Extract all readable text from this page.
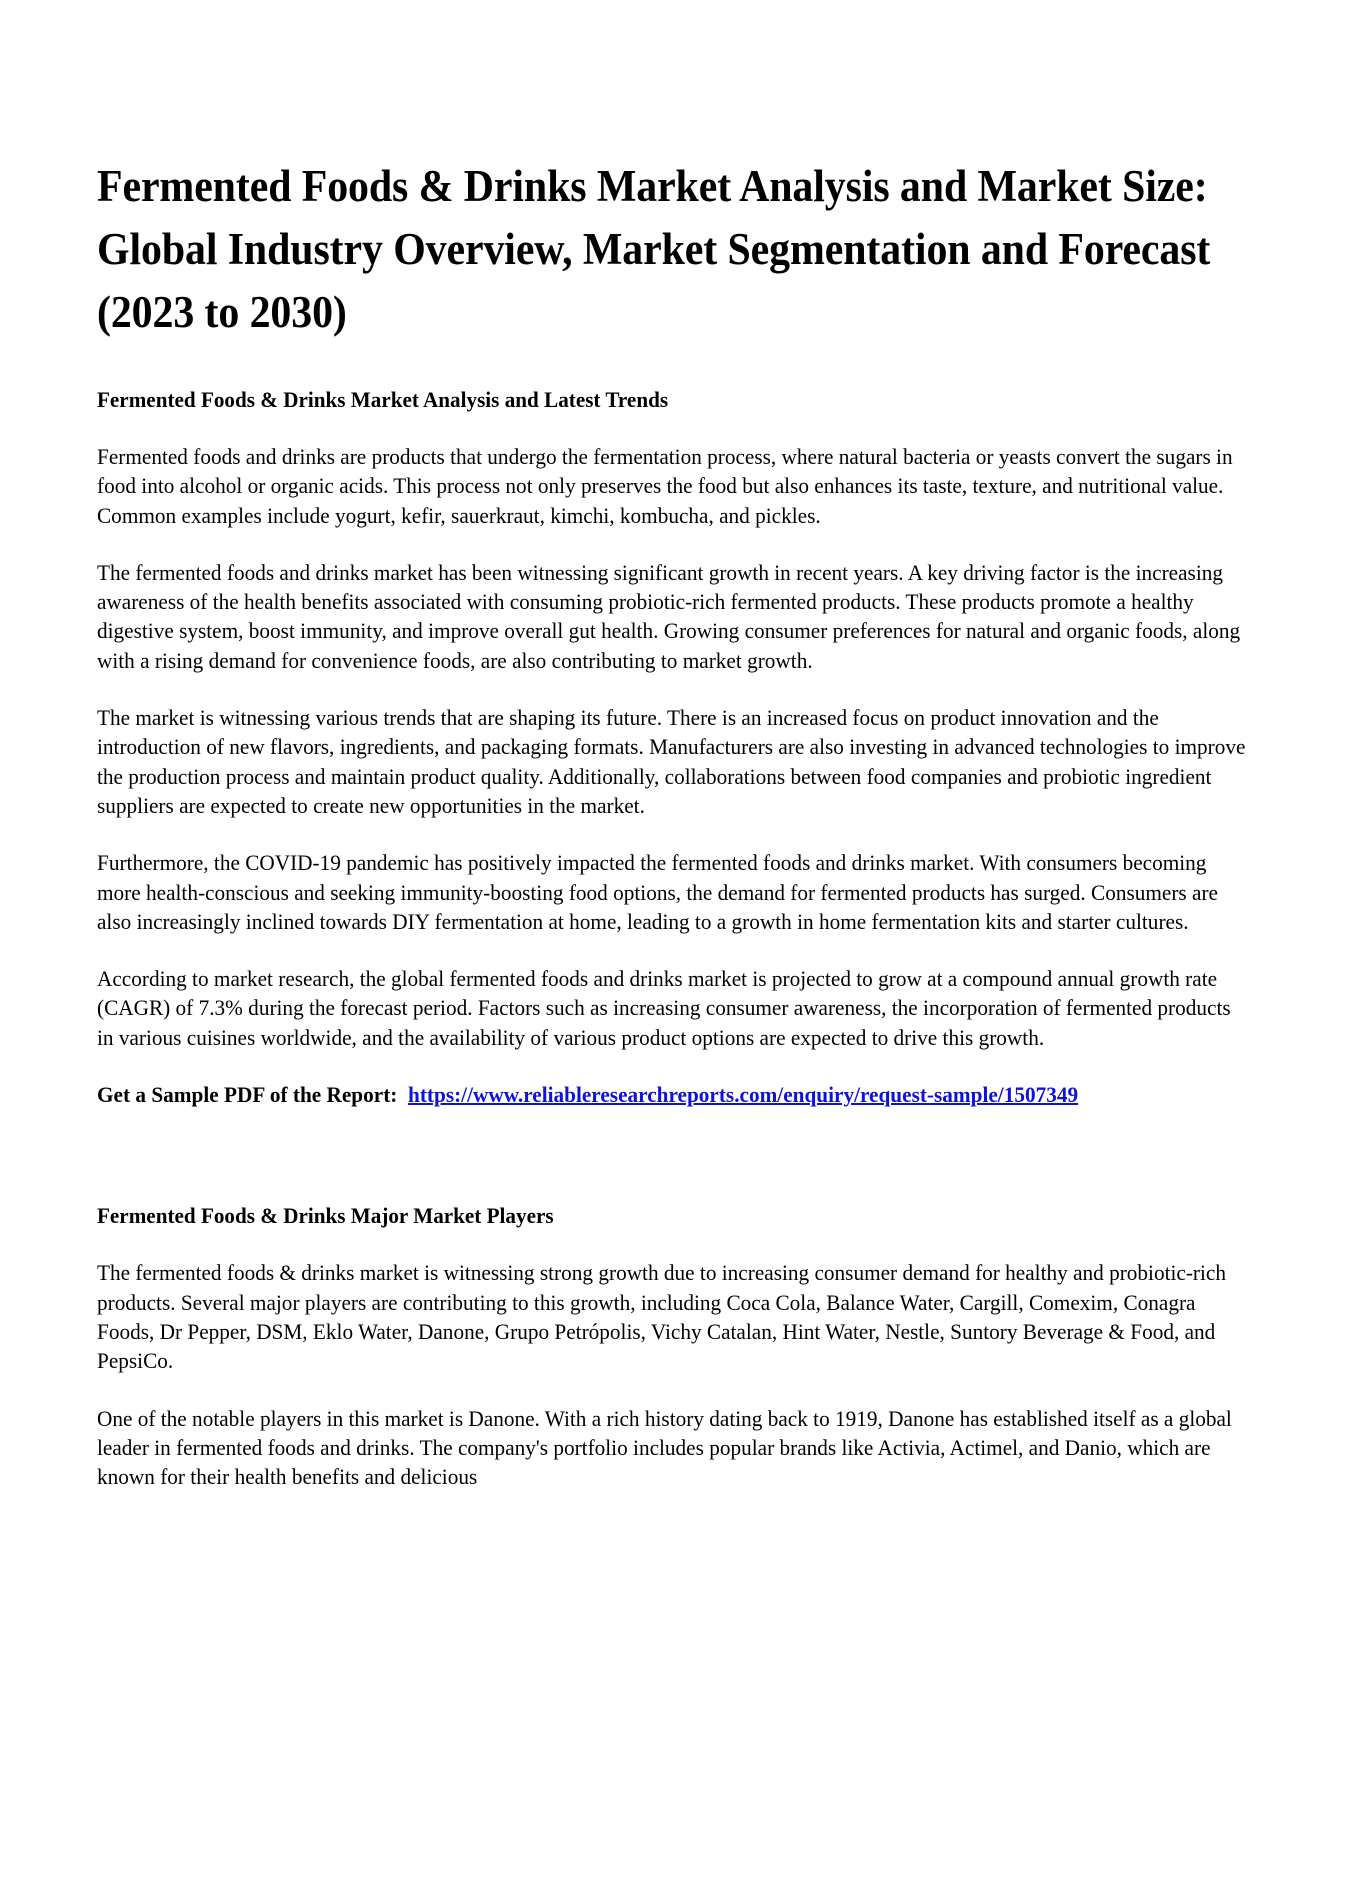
Fermented Foods & Drinks Market Analysis and Market Size: Global Industry Overview, Market Segmentation and Forecast (2023 to 2030)
Fermented Foods & Drinks Market Analysis and Latest Trends

Fermented foods and drinks are products that undergo the fermentation process, where natural bacteria or yeasts convert the sugars in food into alcohol or organic acids. This process not only preserves the food but also enhances its taste, texture, and nutritional value. Common examples include yogurt, kefir, sauerkraut, kimchi, kombucha, and pickles.

The fermented foods and drinks market has been witnessing significant growth in recent years. A key driving factor is the increasing awareness of the health benefits associated with consuming probiotic-rich fermented products. These products promote a healthy digestive system, boost immunity, and improve overall gut health. Growing consumer preferences for natural and organic foods, along with a rising demand for convenience foods, are also contributing to market growth.

The market is witnessing various trends that are shaping its future. There is an increased focus on product innovation and the introduction of new flavors, ingredients, and packaging formats. Manufacturers are also investing in advanced technologies to improve the production process and maintain product quality. Additionally, collaborations between food companies and probiotic ingredient suppliers are expected to create new opportunities in the market.

Furthermore, the COVID-19 pandemic has positively impacted the fermented foods and drinks market. With consumers becoming more health-conscious and seeking immunity-boosting food options, the demand for fermented products has surged. Consumers are also increasingly inclined towards DIY fermentation at home, leading to a growth in home fermentation kits and starter cultures.

According to market research, the global fermented foods and drinks market is projected to grow at a compound annual growth rate (CAGR) of 7.3% during the forecast period. Factors such as increasing consumer awareness, the incorporation of fermented products in various cuisines worldwide, and the availability of various product options are expected to drive this growth.

Get a Sample PDF of the Report: https://www.reliableresearchreports.com/enquiry/request-sample/1507349
Fermented Foods & Drinks Major Market Players

The fermented foods & drinks market is witnessing strong growth due to increasing consumer demand for healthy and probiotic-rich products. Several major players are contributing to this growth, including Coca Cola, Balance Water, Cargill, Comexim, Conagra Foods, Dr Pepper, DSM, Eklo Water, Danone, Grupo Petrópolis, Vichy Catalan, Hint Water, Nestle, Suntory Beverage & Food, and PepsiCo.

One of the notable players in this market is Danone. With a rich history dating back to 1919, Danone has established itself as a global leader in fermented foods and drinks. The company's portfolio includes popular brands like Activia, Actimel, and Danio, which are known for their health benefits and delicious
